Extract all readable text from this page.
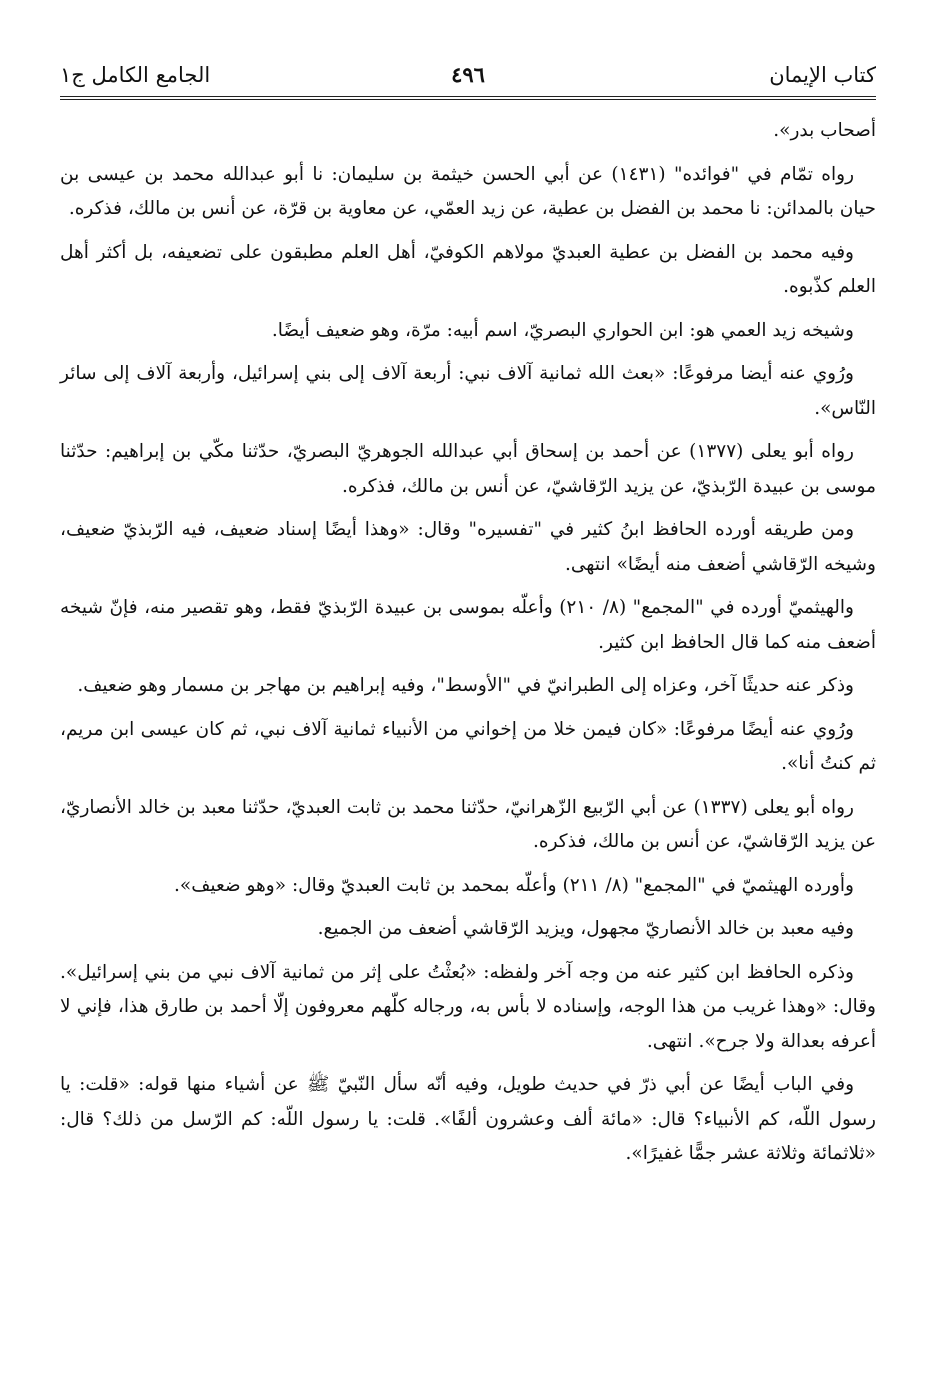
كتاب الإيمان
٤٩٦
الجامع الكامل ج١

أصحاب بدر».

رواه تمّام في "فوائده" (١٤٣١) عن أبي الحسن خيثمة بن سليمان: نا أبو عبدالله محمد بن عيسى بن حيان بالمدائن: نا محمد بن الفضل بن عطية، عن زيد العمّي، عن معاوية بن قرّة، عن أنس بن مالك، فذكره.

وفيه محمد بن الفضل بن عطية العبديّ مولاهم الكوفيّ، أهل العلم مطبقون على تضعيفه، بل أكثر أهل العلم كذّبوه.

وشيخه زيد العمي هو: ابن الحواري البصريّ، اسم أبيه: مرّة، وهو ضعيف أيضًا.

ورُوي عنه أيضا مرفوعًا: «بعث الله ثمانية آلاف نبي: أربعة آلاف إلى بني إسرائيل، وأربعة آلاف إلى سائر النّاس».

رواه أبو يعلى (١٣٧٧) عن أحمد بن إسحاق أبي عبدالله الجوهريّ البصريّ، حدّثنا مكّي بن إبراهيم: حدّثنا موسى بن عبيدة الرّبذيّ، عن يزيد الرّقاشيّ، عن أنس بن مالك، فذكره.

ومن طريقه أورده الحافظ ابنُ كثير في "تفسيره" وقال: «وهذا أيضًا إسناد ضعيف، فيه الرّبذيّ ضعيف، وشيخه الرّقاشي أضعف منه أيضًا» انتهى.

والهيثميّ أورده في "المجمع" (٨/ ٢١٠) وأعلّه بموسى بن عبيدة الرّبذيّ فقط، وهو تقصير منه، فإنّ شيخه أضعف منه كما قال الحافظ ابن كثير.

وذكر عنه حديثًا آخر، وعزاه إلى الطبرانيّ في "الأوسط"، وفيه إبراهيم بن مهاجر بن مسمار وهو ضعيف.

ورُوي عنه أيضًا مرفوعًا: «كان فيمن خلا من إخواني من الأنبياء ثمانية آلاف نبي، ثم كان عيسى ابن مريم، ثم كنتُ أنا».

رواه أبو يعلى (١٣٣٧) عن أبي الرّبيع الزّهرانيّ، حدّثنا محمد بن ثابت العبديّ، حدّثنا معبد بن خالد الأنصاريّ، عن يزيد الرّقاشيّ، عن أنس بن مالك، فذكره.

وأورده الهيثميّ في "المجمع" (٨/ ٢١١) وأعلّه بمحمد بن ثابت العبديّ وقال: «وهو ضعيف».

وفيه معبد بن خالد الأنصاريّ مجهول، ويزيد الرّقاشي أضعف من الجميع.

وذكره الحافظ ابن كثير عنه من وجه آخر ولفظه: «بُعثْتُ على إثر من ثمانية آلاف نبي من بني إسرائيل». وقال: «وهذا غريب من هذا الوجه، وإسناده لا بأس به، ورجاله كلّهم معروفون إلّا أحمد بن طارق هذا، فإني لا أعرفه بعدالة ولا جرح». انتهى.

وفي الباب أيضًا عن أبي ذرّ في حديث طويل، وفيه أنّه سأل النّبيّ ﷺ عن أشياء منها قوله: «قلت: يا رسول اللّه، كم الأنبياء؟ قال: «مائة ألف وعشرون ألفًا». قلت: يا رسول اللّه: كم الرّسل من ذلك؟ قال: «ثلاثمائة وثلاثة عشر جمًّا غفيرًا».
